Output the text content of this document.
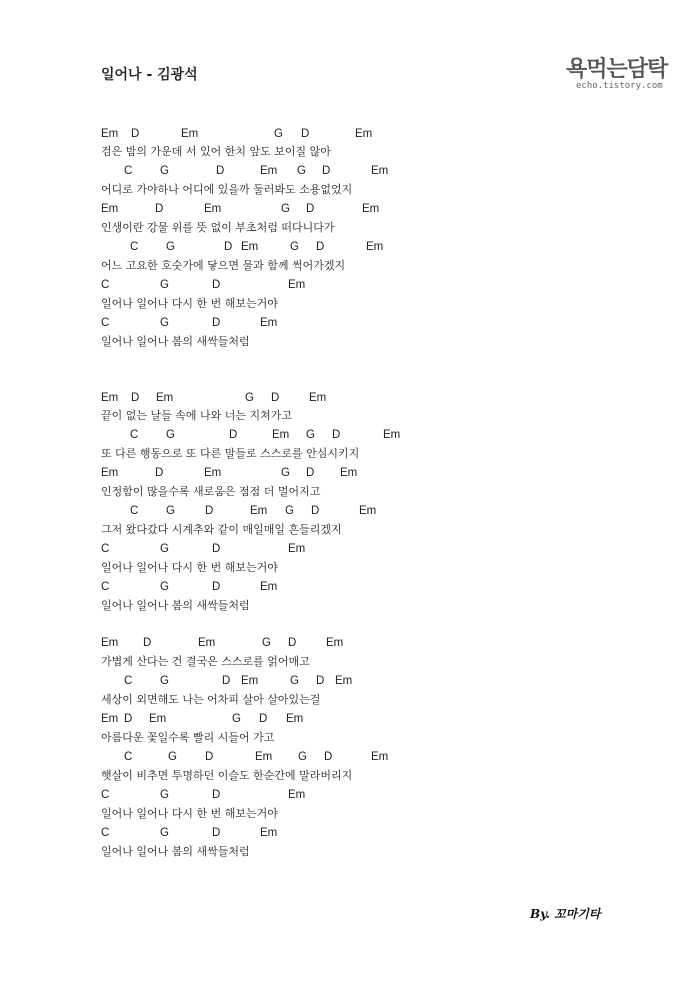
일어나 - 김광석	욕먹는담탁
echo.tistory.com
Em D	Em	G D	Em
검은 밤의 가운데 서 있어 한치 앞도 보이질 않아
C G	D	Em G D	Em
어디로 가야하나 어디에 있을까 둘러봐도 소용없었지
Em	D	Em	G D	Em
인생이란 강물 위를 뜻 없이 부초처럼 떠다니다가
C G	D Em	G D	Em
어느 고요한 호숫가에 닿으면 물과 함께 썩어가겠지
C	G	D	Em
일어나 일어나 다시 한 번 해보는거야
C	G	D	Em
일어나 일어나 봄의 새싹들처럼
Em D Em	G D	Em
끝이 없는 날들 속에 나와 너는 지쳐가고
C G	D	Em G D	Em
또 다른 행동으로 또 다른 말들로 스스로를 안심시키지
Em	D	Em	G D Em
인정함이 많을수록 새로움은 점점 더 멀어지고
C G	D	Em G D	Em
그저 왔다갔다 시계추와 같이 매일매일 흔들리겠지
C	G	D	Em
일어나 일어나 다시 한 번 해보는거야
C	G	D	Em
일어나 일어나 봄의 새싹들처럼
Em D	Em	G D	Em
가볍게 산다는 건 결국은 스스로를 얽어매고
C G	D Em	G D Em
세상이 외면해도 나는 어차피 살아 살아있는걸
Em D Em	G D Em
아름다운 꽃일수록 빨리 시들어 가고
C	G D	Em G D	Em
햇살이 비추면 투명하던 이슬도 한순간에 말라버리지
C	G	D	Em
일어나 일어나 다시 한 번 해보는거야
C	G	D	Em
일어나 일어나 봄의 새싹들처럼
By. 꼬마기타
